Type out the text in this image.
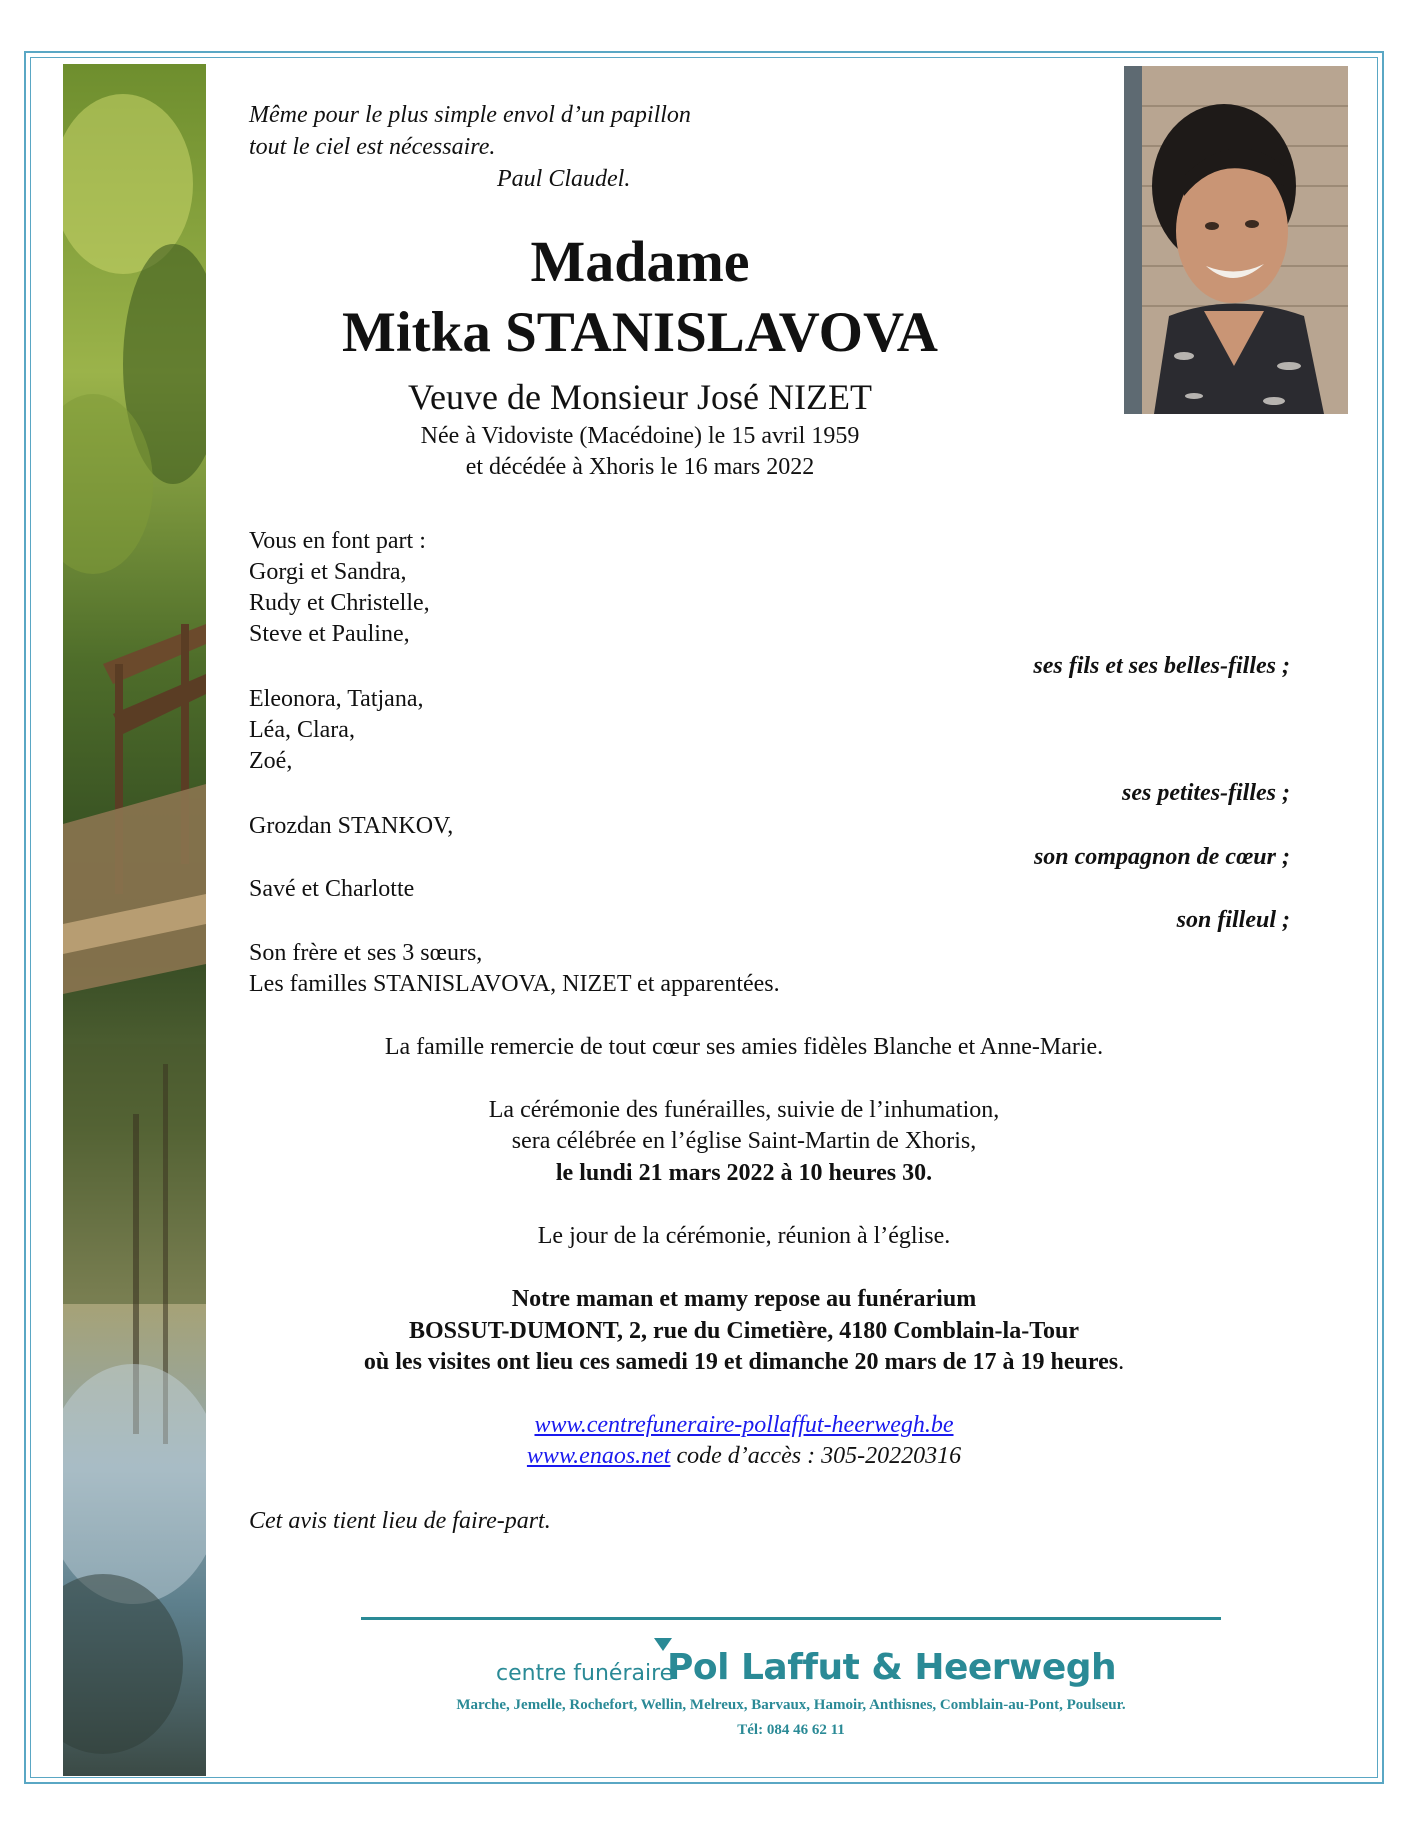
Même pour le plus simple envol d’un papillon
tout le ciel est nécessaire.
Paul Claudel.
Madame
Mitka STANISLAVOVA
Veuve de Monsieur José NIZET
Née à Vidoviste (Macédoine) le 15 avril 1959
et décédée à Xhoris le 16 mars 2022
Vous en font part :
Gorgi et Sandra,
Rudy et Christelle,
Steve et Pauline,
ses fils et ses belles-filles ;
Eleonora, Tatjana,
Léa, Clara,
Zoé,
ses petites-filles ;
Grozdan STANKOV,
son compagnon de cœur ;
Savé et Charlotte
son filleul ;
Son frère et ses 3 sœurs,
Les familles STANISLAVOVA, NIZET et apparentées.
La famille remercie de tout cœur ses amies fidèles Blanche et Anne-Marie.
La cérémonie des funérailles, suivie de l’inhumation,
sera célébrée en l’église Saint-Martin de Xhoris,
le lundi 21 mars 2022 à 10 heures 30.
Le jour de la cérémonie, réunion à l’église.
Notre maman et mamy repose au funérarium
BOSSUT-DUMONT, 2, rue du Cimetière, 4180 Comblain-la-Tour
où les visites ont lieu ces samedi 19 et dimanche 20 mars de 17 à 19 heures.
www.centrefuneraire-pollaffut-heerwegh.be
www.enaos.net code d’accès : 305-20220316
Cet avis tient lieu de faire-part.
centre funéraire
Pol Laffut & Heerwegh
Marche, Jemelle, Rochefort, Wellin, Melreux, Barvaux, Hamoir, Anthisnes, Comblain-au-Pont, Poulseur.
Tél: 084 46 62 11
